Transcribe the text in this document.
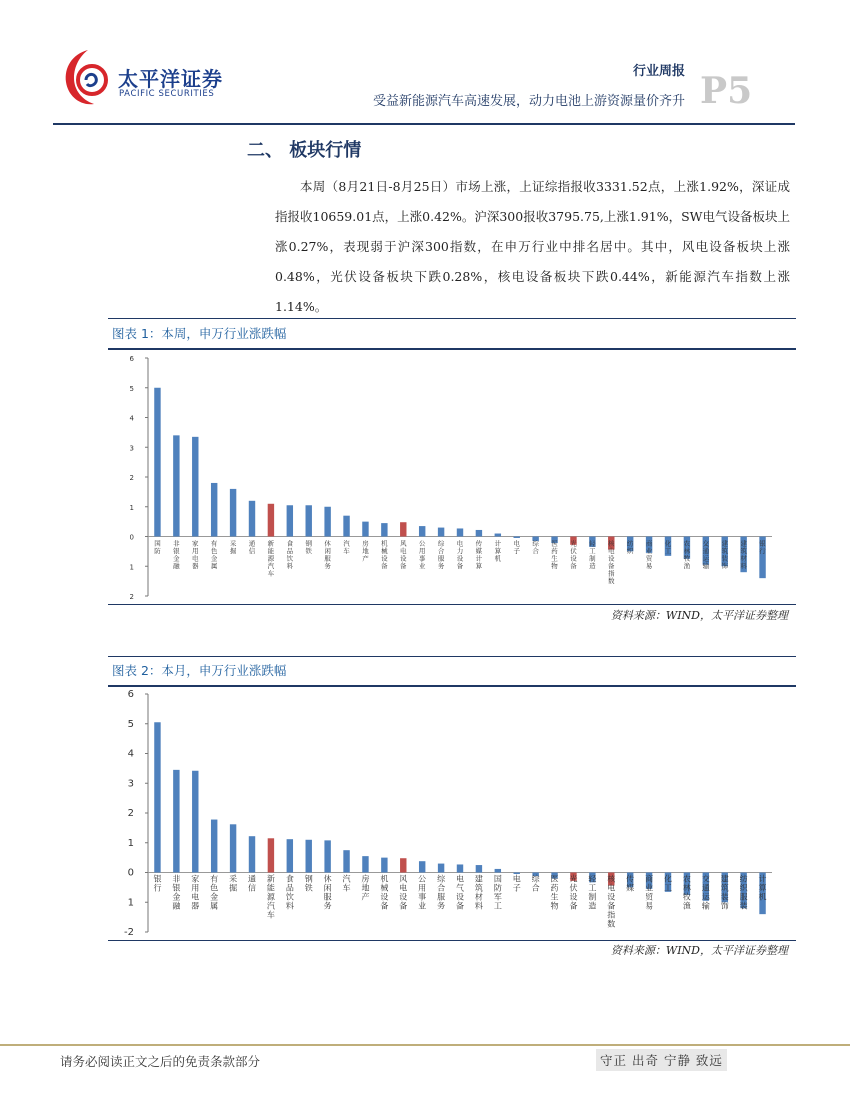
太平洋证券
PACIFIC SECURITIES
行业周报
受益新能源汽车高速发展，动力电池上游资源量价齐升 P5
二、 板块行情
本周（8月21日-8月25日）市场上涨，上证综指报收3331.52点，上涨1.92%，深证成指报收10659.01点，上涨0.42%。沪深300报收3795.75,上涨1.91%，SW电气设备板块上涨0.27%，表现弱于沪深300指数，在申万行业中排名居中。其中，风电设备板块上涨0.48%，光伏设备板块下跌0.28%，核电设备板块下跌0.44%，新能源汽车指数上涨1.14%。
图表 1：本周，申万行业涨跌幅
6
5
4
3
2
1
0
1
2
国防
非银金融
家用电器
有色金属
采掘
通信
新能源汽车
食品饮料
钢铁
休闲服务
汽车
房地产
机械设备
风电设备
公用事业
综合服务
电力设备
传媒计算
计算机
电子
综合
医药生物
光伏设备
轻工制造
核电设备指数
纺织
商业贸易
化工
农林牧渔
交通运输
建筑装饰
建筑材料
银行
资料来源：WIND，太平洋证券整理
图表 2：本月，申万行业涨跌幅
6
5
4
3
2
1
0
1
-2
银行
非银金融
家用电器
有色金属
采掘
通信
新能源汽车
食品饮料
钢铁
休闲服务
汽车
房地产
机械设备
风电设备
公用事业
综合服务
电气设备
建筑材料
国防军工
电子
综合
医药生物
光伏设备
轻工制造
核电设备指数
传媒
商业贸易
化工
农林牧渔
交通运输
建筑装饰
纺织服装
计算机
资料来源：WIND，太平洋证券整理
请务必阅读正文之后的免责条款部分	守正 出奇 宁静 致远
